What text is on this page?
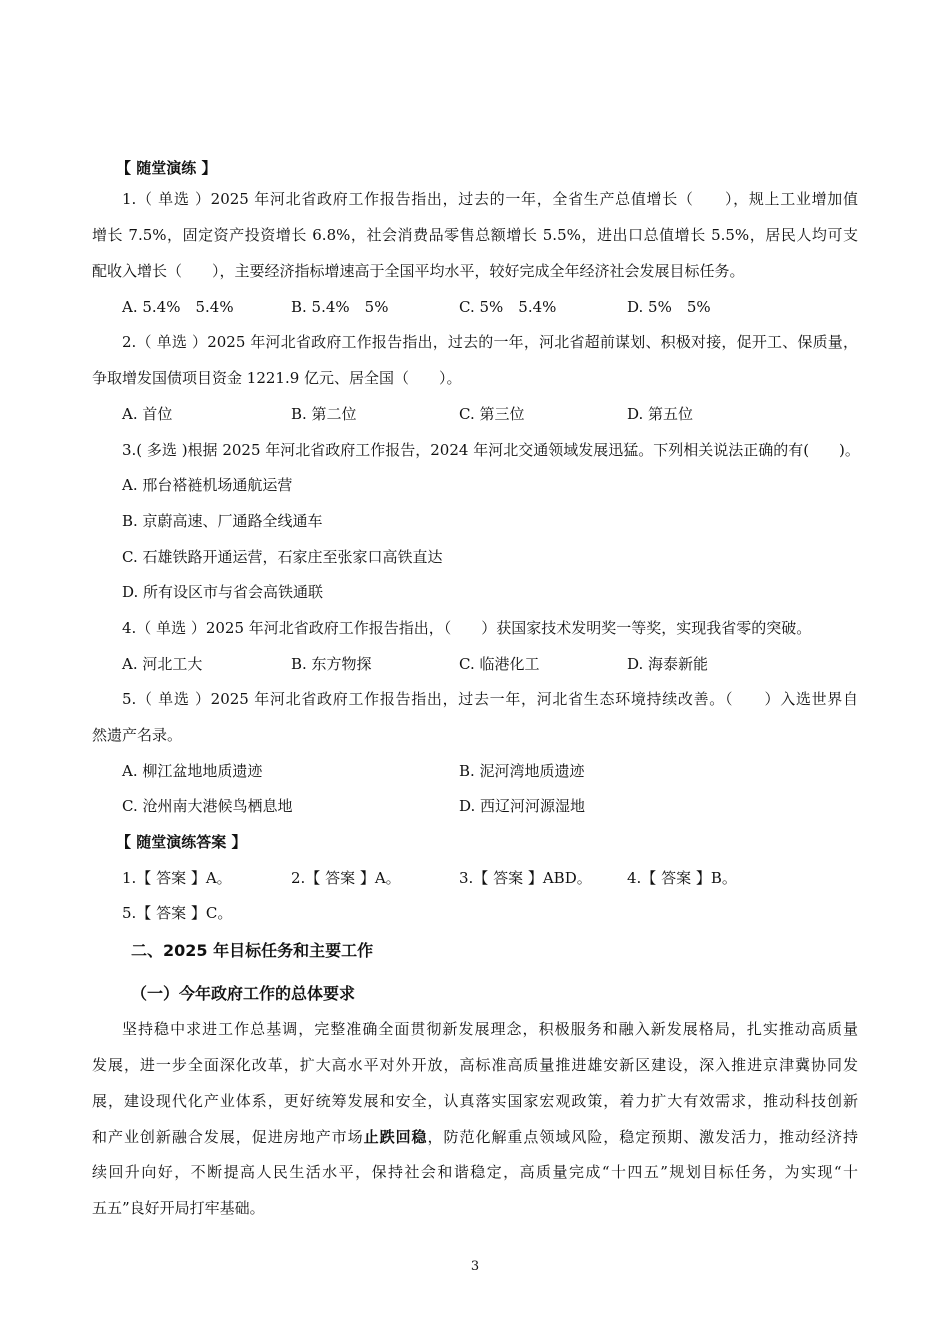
【 随堂演练 】
1.（ 单选 ）2025 年河北省政府工作报告指出，过去的一年，全省生产总值增长（　　），规上工业增加值
增长 7.5%，固定资产投资增长 6.8%，社会消费品零售总额增长 5.5%，进出口总值增长 5.5%，居民人均可支
配收入增长（　　），主要经济指标增速高于全国平均水平，较好完成全年经济社会发展目标任务。
A. 5.4%　5.4%	B. 5.4%　5%	C. 5%　5.4%	D. 5%　5%
2.（ 单选 ）2025 年河北省政府工作报告指出，过去的一年，河北省超前谋划、积极对接，促开工、保质量，
争取增发国债项目资金 1221.9 亿元、居全国（　　）。
A. 首位	B. 第二位	C. 第三位	D. 第五位
3.( 多选 )根据 2025 年河北省政府工作报告，2024 年河北交通领域发展迅猛。下列相关说法正确的有(　　)。
A. 邢台褡裢机场通航运营
B. 京蔚高速、厂通路全线通车
C. 石雄铁路开通运营，石家庄至张家口高铁直达
D. 所有设区市与省会高铁通联
4.（ 单选 ）2025 年河北省政府工作报告指出，（　　）获国家技术发明奖一等奖，实现我省零的突破。
A. 河北工大	B. 东方物探	C. 临港化工	D. 海泰新能
5.（ 单选 ）2025 年河北省政府工作报告指出，过去一年，河北省生态环境持续改善。（　　）入选世界自
然遗产名录。
A. 柳江盆地地质遗迹	B. 泥河湾地质遗迹
C. 沧州南大港候鸟栖息地	D. 西辽河河源湿地
【 随堂演练答案 】
1.【 答案 】A。	2.【 答案 】A。	3.【 答案 】ABD。 4.【 答案 】B。
5.【 答案 】C。
二、2025 年目标任务和主要工作
（一）今年政府工作的总体要求
坚持稳中求进工作总基调，完整准确全面贯彻新发展理念，积极服务和融入新发展格局，扎实推动高质量
发展，进一步全面深化改革，扩大高水平对外开放，高标准高质量推进雄安新区建设，深入推进京津冀协同发
展，建设现代化产业体系，更好统筹发展和安全，认真落实国家宏观政策，着力扩大有效需求，推动科技创新
和产业创新融合发展，促进房地产市场止跌回稳，防范化解重点领域风险，稳定预期、激发活力，推动经济持
续回升向好，不断提高人民生活水平，保持社会和谐稳定，高质量完成“十四五”规划目标任务，为实现“十
五五”良好开局打牢基础。
3
